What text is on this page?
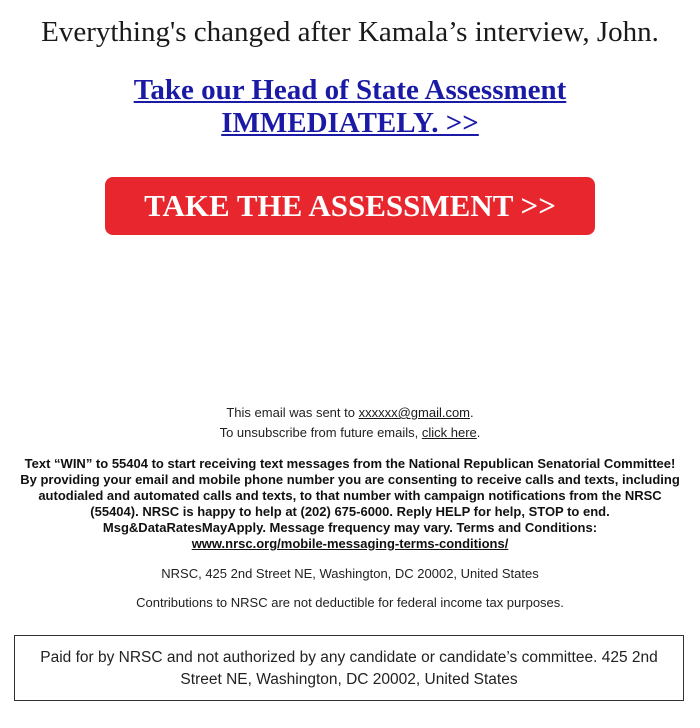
Everything's changed after Kamala’s interview, John.
Take our Head of State Assessment IMMEDIATELY. >>
TAKE THE ASSESSMENT >>
This email was sent to xxxxxx@gmail.com.
To unsubscribe from future emails, click here.
Text “WIN” to 55404 to start receiving text messages from the National Republican Senatorial Committee! By providing your email and mobile phone number you are consenting to receive calls and texts, including autodialed and automated calls and texts, to that number with campaign notifications from the NRSC (55404). NRSC is happy to help at (202) 675-6000. Reply HELP for help, STOP to end. Msg&DataRatesMayApply. Message frequency may vary. Terms and Conditions:
www.nrsc.org/mobile-messaging-terms-conditions/
NRSC, 425 2nd Street NE, Washington, DC 20002, United States
Contributions to NRSC are not deductible for federal income tax purposes.
Paid for by NRSC and not authorized by any candidate or candidate’s committee. 425 2nd Street NE, Washington, DC 20002, United States
